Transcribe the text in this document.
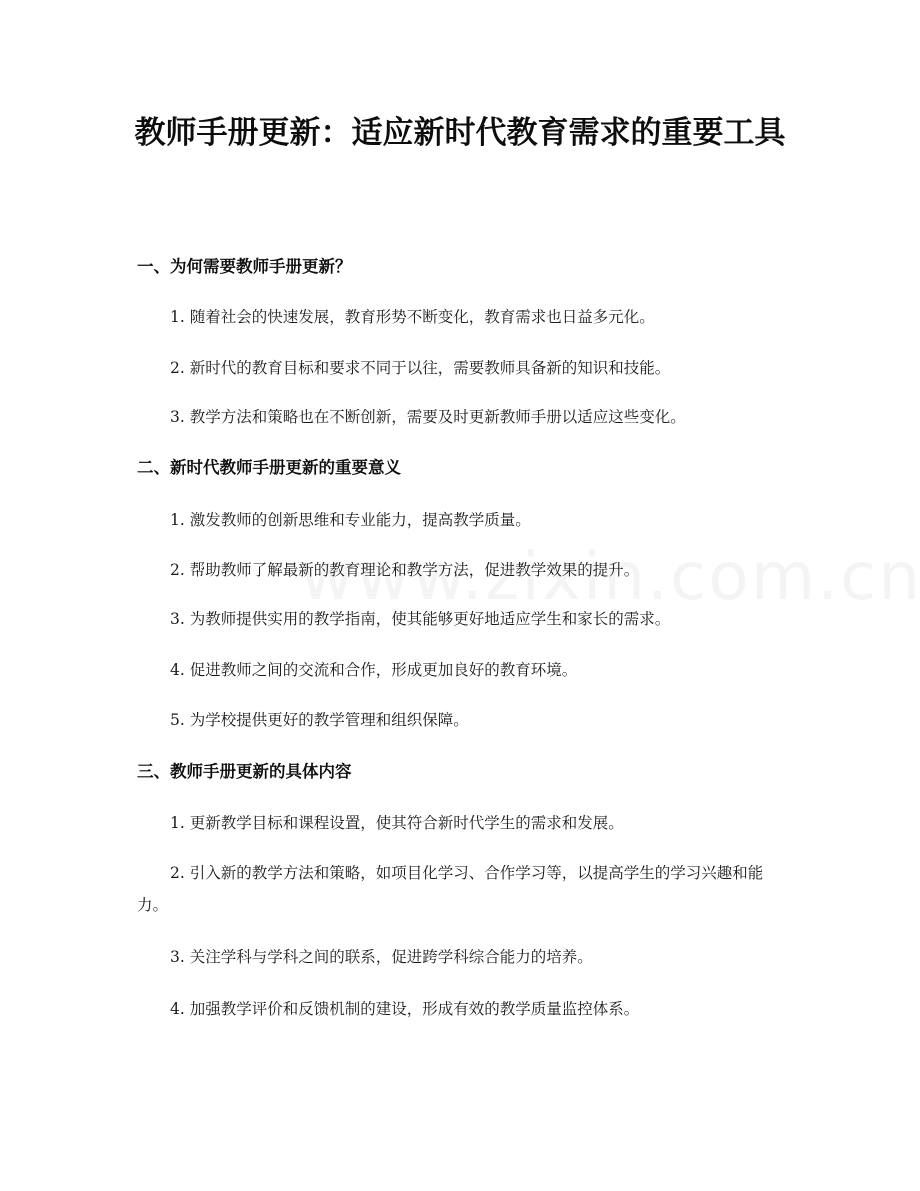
教师手册更新：适应新时代教育需求的重要工具
一、为何需要教师手册更新？

1. 随着社会的快速发展，教育形势不断变化，教育需求也日益多元化。

2. 新时代的教育目标和要求不同于以往，需要教师具备新的知识和技能。

3. 教学方法和策略也在不断创新，需要及时更新教师手册以适应这些变化。

二、新时代教师手册更新的重要意义

1. 激发教师的创新思维和专业能力，提高教学质量。

2. 帮助教师了解最新的教育理论和教学方法，促进教学效果的提升。

3. 为教师提供实用的教学指南，使其能够更好地适应学生和家长的需求。

4. 促进教师之间的交流和合作，形成更加良好的教育环境。

5. 为学校提供更好的教学管理和组织保障。

三、教师手册更新的具体内容

1. 更新教学目标和课程设置，使其符合新时代学生的需求和发展。

2. 引入新的教学方法和策略，如项目化学习、合作学习等，以提高学生的学习兴趣和能力。

3. 关注学科与学科之间的联系，促进跨学科综合能力的培养。

4. 加强教学评价和反馈机制的建设，形成有效的教学质量监控体系。
